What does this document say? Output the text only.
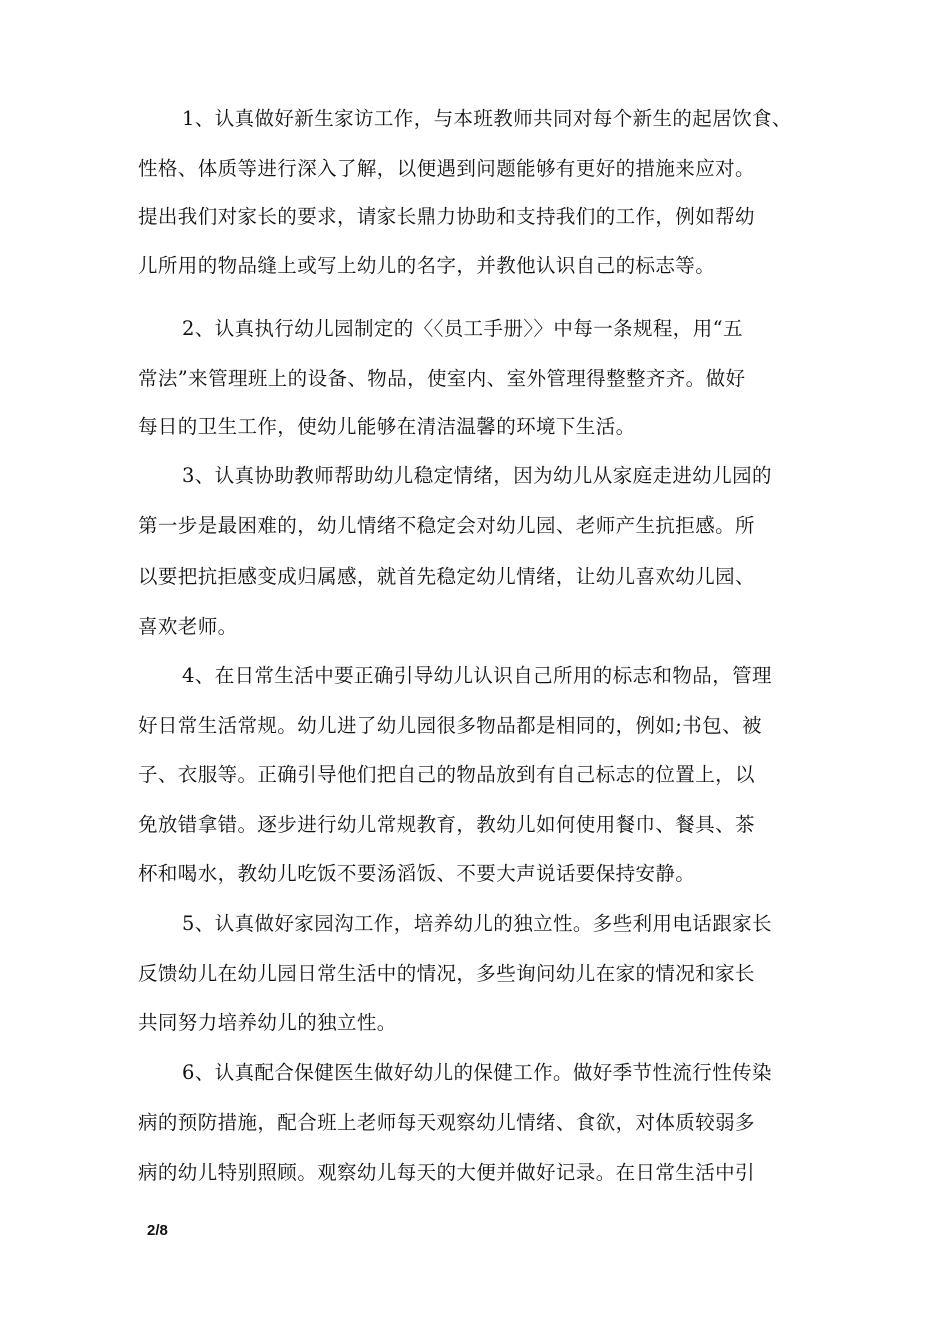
1、认真做好新生家访工作，与本班教师共同对每个新生的起居饮食、
性格、体质等进行深入了解，以便遇到问题能够有更好的措施来应对。
提出我们对家长的要求，请家长鼎力协助和支持我们的工作，例如帮幼
儿所用的物品缝上或写上幼儿的名字，并教他认识自己的标志等。
2、认真执行幼儿园制定的〈〈员工手册〉〉中每一条规程，用“五
常法”来管理班上的设备、物品，使室内、室外管理得整整齐齐。做好
每日的卫生工作，使幼儿能够在清洁温馨的环境下生活。
3、认真协助教师帮助幼儿稳定情绪，因为幼儿从家庭走进幼儿园的
第一步是最困难的，幼儿情绪不稳定会对幼儿园、老师产生抗拒感。所
以要把抗拒感变成归属感，就首先稳定幼儿情绪，让幼儿喜欢幼儿园、
喜欢老师。
4、在日常生活中要正确引导幼儿认识自己所用的标志和物品，管理
好日常生活常规。幼儿进了幼儿园很多物品都是相同的，例如;书包、被
子、衣服等。正确引导他们把自己的物品放到有自己标志的位置上，以
免放错拿错。逐步进行幼儿常规教育，教幼儿如何使用餐巾、餐具、茶
杯和喝水，教幼儿吃饭不要汤滔饭、不要大声说话要保持安静。
5、认真做好家园沟工作，培养幼儿的独立性。多些利用电话跟家长
反馈幼儿在幼儿园日常生活中的情况，多些询问幼儿在家的情况和家长
共同努力培养幼儿的独立性。
6、认真配合保健医生做好幼儿的保健工作。做好季节性流行性传染
病的预防措施，配合班上老师每天观察幼儿情绪、食欲，对体质较弱多
病的幼儿特别照顾。观察幼儿每天的大便并做好记录。在日常生活中引
2/8
